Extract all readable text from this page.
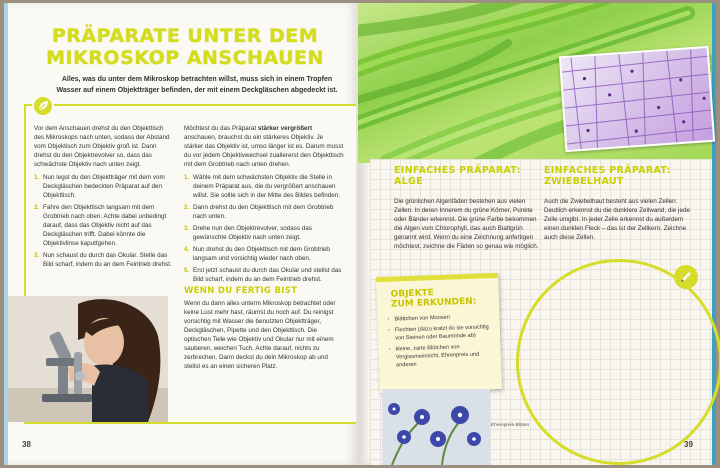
PRÄPARATE UNTER DEM
MIKROSKOP ANSCHAUEN
Alles, was du unter dem Mikroskop betrachten willst, muss sich in einem Tropfen Wasser auf einem Objektträger befinden, der mit einem Deckgläschen abgedeckt ist.

Vor dem Anschauen drehst du den Objekttisch des Mikroskops nach unten, sodass der Abstand vom Objektisch zum Objektiv groß ist. Dann drehst du den Objektrevolver so, dass das schwächste Objektiv nach unten zeigt.

1. Nun legst du den Objektträger mit dem vom Deckgläschen bedeckten Präparat auf den Objekttisch.
2. Fahre den Objekttisch langsam mit dem Grobtrieb nach oben. Achte dabei unbedingt darauf, dass das Objektiv nicht auf das Deckgläschen trifft. Dabei könnte die Objektivlinse kaputtgehen.
3. Nun schaust du durch das Okular. Stelle das Bild scharf, indem du an dem Feintrieb drehst.

Möchtest du das Präparat stärker vergrößert anschauen, brauchst du ein stärkeres Objektiv. Je stärker das Objektiv ist, umso länger ist es. Darum musst du vor jedem Objektivwechsel zuallererst den Objekttisch mit dem Grobtrieb nach unten drehen.

1. Wähle mit dem schwächsten Objektiv die Stelle in deinem Präparat aus, die du vergrößert anschauen willst. Sie sollte sich in der Mitte des Bildes befinden.
2. Dann drehst du den Objekttisch mit dem Grobtrieb nach unten.
3. Drehe nun den Objektrevolver, sodass das gewünschte Objektiv nach unten zeigt.
4. Nun drehst du den Objekttisch mit dem Grobtrieb langsam und vorsichtig wieder nach oben.
5. Erst jetzt schaust du durch das Okular und stellst das Bild scharf, indem du an dem Feintrieb drehst.
WENN DU FERTIG BIST

Wenn du dann alles unterm Mikroskop betrachtet oder keine Lust mehr hast, räumst du noch auf. Du reinigst vorsichtig mit Wasser die benutzten Objektträger, Deckgläschen, Pipette und den Objekttisch. Die optischen Teile wie Objektiv und Okular nur mit einem sauberen, weichen Tuch. Achte darauf, nichts zu zerbrechen. Dann deckst du dein Mikroskop ab und stellst es an einen sicheren Platz.

38
EINFACHES PRÄPARAT: ALGE
Die grünlichen Algenfäden bestehen aus vielen Zellen. In deren Innerem du grüne Körner, Punkte oder Bänder erkennst. Die grüne Farbe bekommen die Algen vom Chlorophyll, das auch Blattgrün genannt wird. Wenn du eine Zeichnung anfertigen möchtest, zeichne die Fäden so genau wie möglich.
EINFACHES PRÄPARAT: ZWIEBELHAUT
Auch die Zwiebelhaut besteht aus vielen Zellen. Deutlich erkennst du die dunklere Zellwand, die jede Zelle umgibt. In jeder Zelle erkennst du außerdem einen dunklen Fleck – das ist der Zellkern. Zeichne auch diese Zellen.
OBJEKTE
ZUM ERKUNDEN:
• Blättchen von Moosen
• Flechten (dazu kratzt du sie vorsichtig von Steinen oder Baumrinde ab)
• kleine, zarte Blütchen von Vergissmeinnicht, Ehrenpreis und anderen
Ehrenpreis-Blüten
39
